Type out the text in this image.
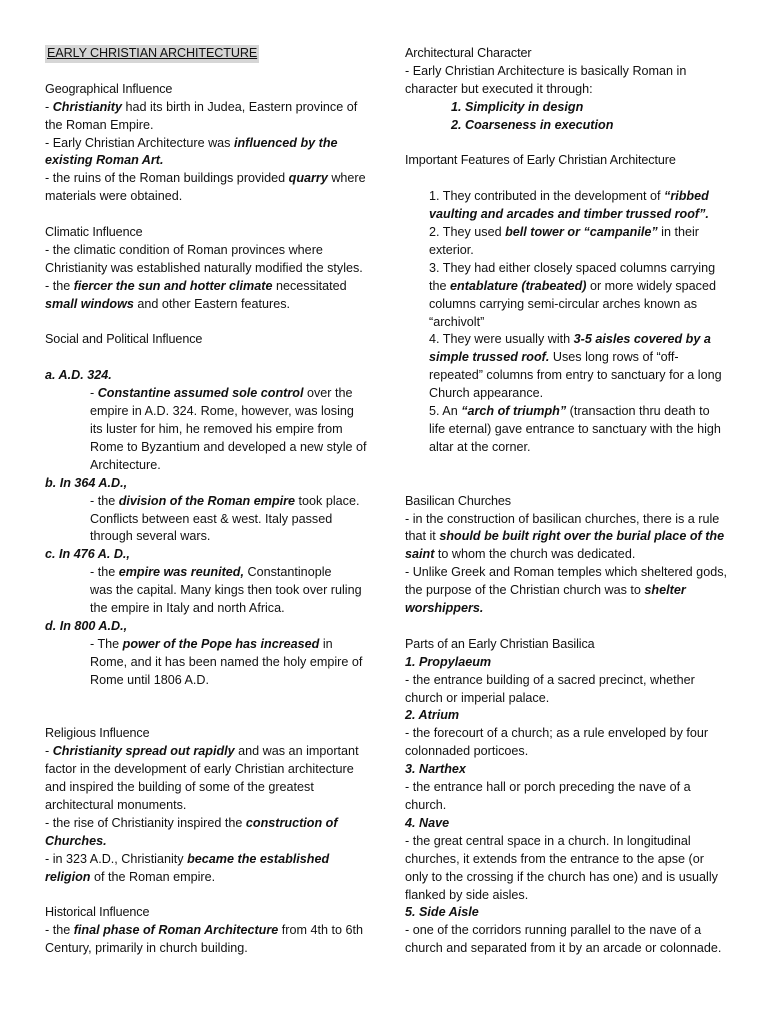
EARLY CHRISTIAN ARCHITECTURE
Geographical Influence
- Christianity had its birth in Judea, Eastern province of
the Roman Empire.
- Early Christian Architecture was influenced by the
existing Roman Art.
- the ruins of the Roman buildings provided quarry where
materials were obtained.
Climatic Influence
- the climatic condition of Roman provinces where
Christianity was established naturally modified the styles.
- the fiercer the sun and hotter climate necessitated
small windows and other Eastern features.
Social and Political Influence
a. A.D. 324.
- Constantine assumed sole control over the
empire in A.D. 324. Rome, however, was losing
its luster for him, he removed his empire from
Rome to Byzantium and developed a new style of
Architecture.
b. In 364 A.D.,
- the division of the Roman empire took place.
Conflicts between east & west. Italy passed
through several wars.
c. In 476 A. D.,
- the empire was reunited, Constantinople
was the capital. Many kings then took over ruling
the empire in Italy and north Africa.
d. In 800 A.D.,
- The power of the Pope has increased in
Rome, and it has been named the holy empire of
Rome until 1806 A.D.
Religious Influence
- Christianity spread out rapidly and was an important
factor in the development of early Christian architecture
and inspired the building of some of the greatest
architectural monuments.
- the rise of Christianity inspired the construction of
Churches.
- in 323 A.D., Christianity became the established
religion of the Roman empire.
Historical Influence
- the final phase of Roman Architecture from 4th to 6th
Century, primarily in church building.
Architectural Character
- Early Christian Architecture is basically Roman in
character but executed it through:
1. Simplicity in design
2. Coarseness in execution
Important Features of Early Christian Architecture
1. They contributed in the development of “ribbed
vaulting and arcades and timber trussed roof”.
2. They used bell tower or “campanile” in their
exterior.
3. They had either closely spaced columns carrying
the entablature (trabeated) or more widely spaced
columns carrying semi-circular arches known as
“archivolt”
4. They were usually with 3-5 aisles covered by a
simple trussed roof. Uses long rows of “off-
repeated” columns from entry to sanctuary for a long
Church appearance.
5. An “arch of triumph” (transaction thru death to
life eternal) gave entrance to sanctuary with the high
altar at the corner.
Basilican Churches
- in the construction of basilican churches, there is a rule
that it should be built right over the burial place of the
saint to whom the church was dedicated.
- Unlike Greek and Roman temples which sheltered gods,
the purpose of the Christian church was to shelter
worshippers.
Parts of an Early Christian Basilica
1. Propylaeum
- the entrance building of a sacred precinct, whether
church or imperial palace.
2. Atrium
- the forecourt of a church; as a rule enveloped by four
colonnaded porticoes.
3. Narthex
- the entrance hall or porch preceding the nave of a
church.
4. Nave
- the great central space in a church. In longitudinal
churches, it extends from the entrance to the apse (or
only to the crossing if the church has one) and is usually
flanked by side aisles.
5. Side Aisle
- one of the corridors running parallel to the nave of a
church and separated from it by an arcade or colonnade.
